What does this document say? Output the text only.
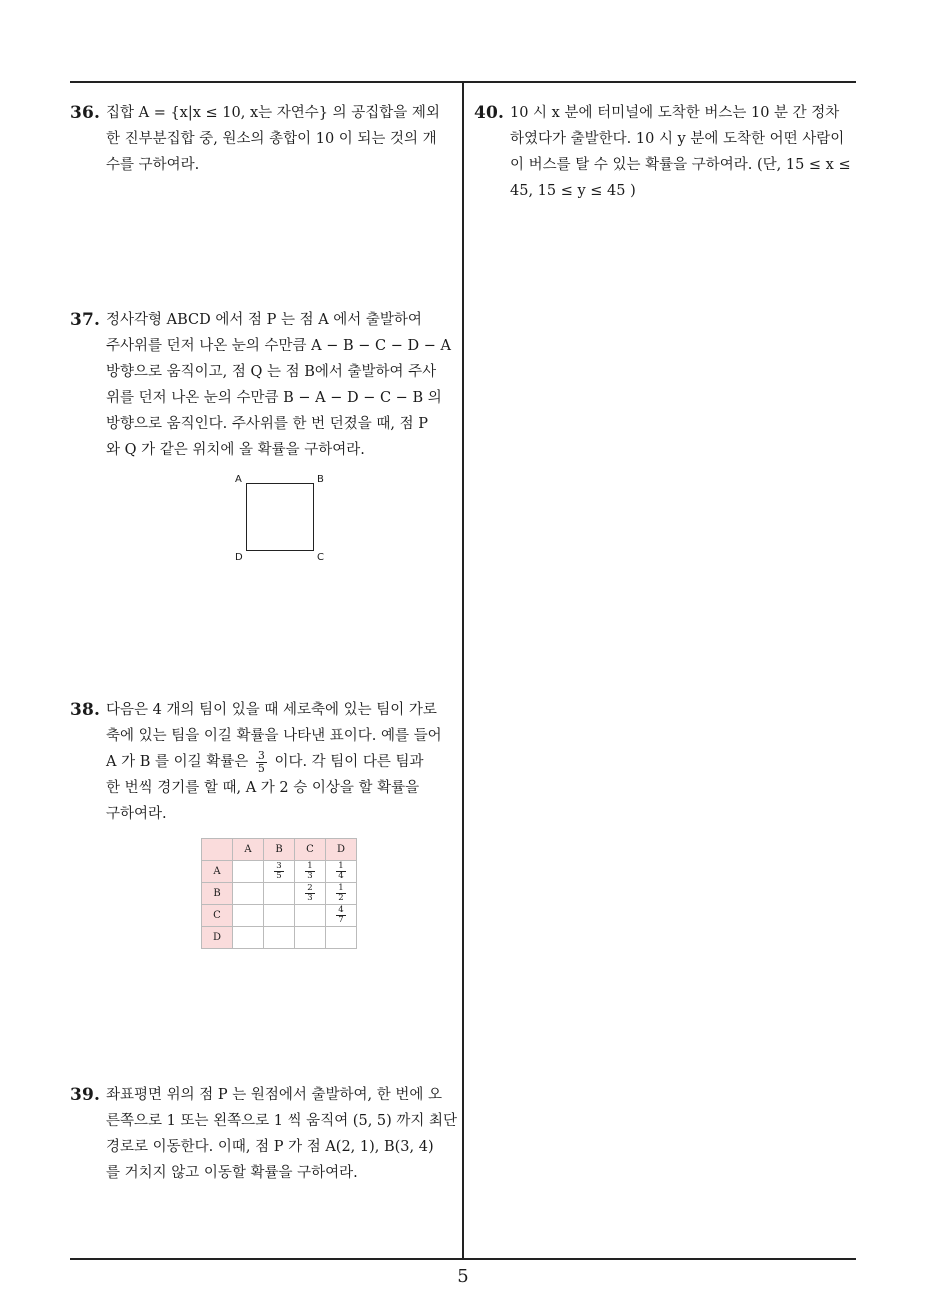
36. 집합 A = {x|x ≤ 10, x는 자연수} 의 공집합을 제외
한 진부분집합 중, 원소의 총합이 10 이 되는 것의 개
수를 구하여라.
37. 정사각형 ABCD 에서 점 P 는 점 A 에서 출발하여
주사위를 던저 나온 눈의 수만큼 A − B − C − D − A
방향으로 움직이고, 점 Q 는 점 B에서 출발하여 주사
위를 던저 나온 눈의 수만큼 B − A − D − C − B 의
방향으로 움직인다. 주사위를 한 번 던졌을 때, 점 P
와 Q 가 같은 위치에 올 확률을 구하여라.
A	B
C
D
38. 다음은 4 개의 팀이 있을 때 세로축에 있는 팀이 가로
축에 있는 팀을 이길 확률을 나타낸 표이다. 예를 들어
A 가 B 를 이길 확률은 $\frac{3}{5}$ 이다. 각 팀이 다른 팀과
한 번씩 경기를 할 때, A 가 2 승 이상을 할 확률을
구하여라.
	A	B	C	D
A		$\frac{3}{5}$	$\frac{1}{3}$	$\frac{1}{4}$

B			$\frac{2}{3}$	$\frac{1}{2}$

C				$\frac{4}{7}$

D				
39. 좌표평면 위의 점 P 는 원점에서 출발하여, 한 번에 오
른쪽으로 1 또는 왼쪽으로 1 씩 움직여 (5, 5) 까지 최단
경로로 이동한다. 이때, 점 P 가 점 A(2, 1), B(3, 4)
를 거치지 않고 이동할 확률을 구하여라.
40. 10 시 x 분에 터미널에 도착한 버스는 10 분 간 정차
하였다가 출발한다. 10 시 y 분에 도착한 어떤 사람이
이 버스를 탈 수 있는 확률을 구하여라. (단, 15 ≤ x ≤
45, 15 ≤ y ≤ 45 )
5
